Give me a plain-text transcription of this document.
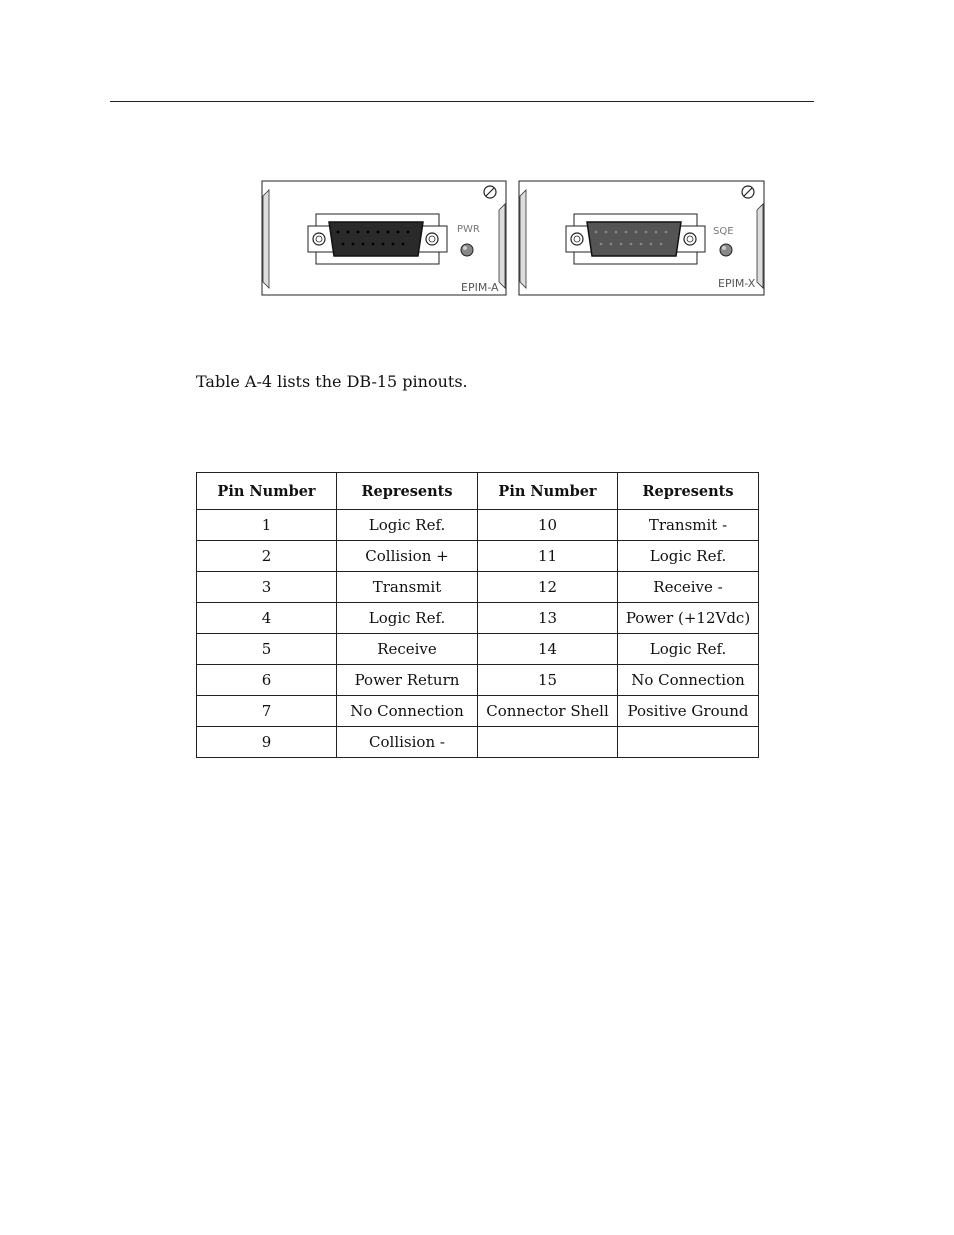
PWR
EPIM-A
SQE
EPIM-X

Table A-4 lists the DB-15 pinouts.

Pin Number	Represents	Pin Number	Represents
1	Logic Ref.	10	Transmit -
2	Collision +	11	Logic Ref.
3	Transmit	12	Receive -
4	Logic Ref.	13	Power (+12Vdc)
5	Receive	14	Logic Ref.
6	Power Return	15	No Connection
7	No Connection	Connector Shell	Positive Ground
9	Collision -		
